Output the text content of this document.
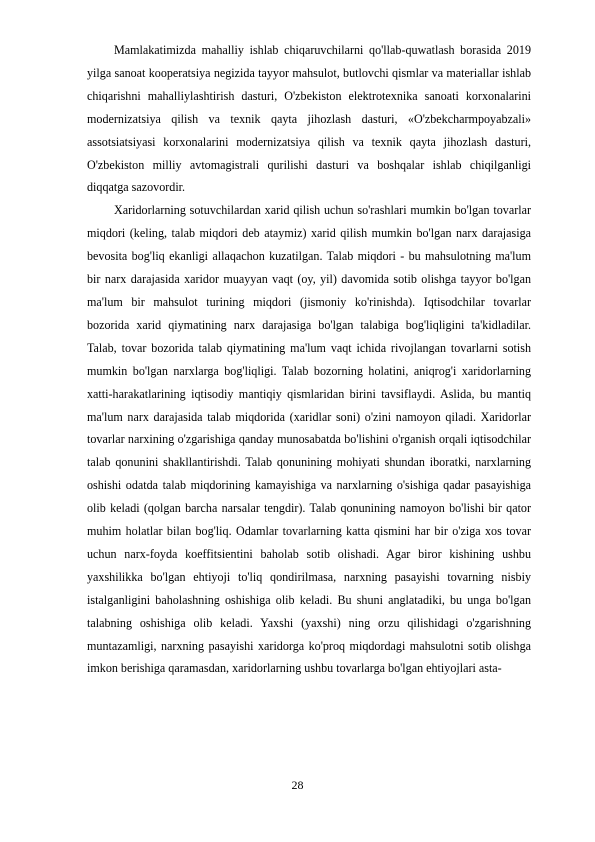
Mamlakatimizda mahalliy ishlab chiqaruvchilarni qo'llab-quwatlash borasida 2019 yilga sanoat kooperatsiya negizida tayyor mahsulot, butlovchi qismlar va materiallar ishlab chiqarishni mahalliylashtirish dasturi, O'zbekiston elektrotexnika sanoati korxonalarini modernizatsiya qilish va texnik qayta jihozlash dasturi, «O'zbekcharmpoyabzali» assotsiatsiyasi korxonalarini modernizatsiya qilish va texnik qayta jihozlash dasturi, O'zbekiston milliy avtomagistrali qurilishi dasturi va boshqalar ishlab chiqilganligi diqqatga sazovordir.

Xaridorlarning sotuvchilardan xarid qilish uchun so'rashlari mumkin bo'lgan tovarlar miqdori (keling, talab miqdori deb ataymiz) xarid qilish mumkin bo'lgan narx darajasiga bevosita bog'liq ekanligi allaqachon kuzatilgan. Talab miqdori - bu mahsulotning ma'lum bir narx darajasida xaridor muayyan vaqt (oy, yil) davomida sotib olishga tayyor bo'lgan ma'lum bir mahsulot turining miqdori (jismoniy ko'rinishda). Iqtisodchilar tovarlar bozorida xarid qiymatining narx darajasiga bo'lgan talabiga bog'liqligini ta'kidladilar. Talab, tovar bozorida talab qiymatining ma'lum vaqt ichida rivojlangan tovarlarni sotish mumkin bo'lgan narxlarga bog'liqligi. Talab bozorning holatini, aniqrog'i xaridorlarning xatti-harakatlarining iqtisodiy mantiqiy qismlaridan birini tavsiflaydi. Aslida, bu mantiq ma'lum narx darajasida talab miqdorida (xaridlar soni) o'zini namoyon qiladi. Xaridorlar tovarlar narxining o'zgarishiga qanday munosabatda bo'lishini o'rganish orqali iqtisodchilar talab qonunini shakllantirishdi. Talab qonunining mohiyati shundan iboratki, narxlarning oshishi odatda talab miqdorining kamayishiga va narxlarning o'sishiga qadar pasayishiga olib keladi (qolgan barcha narsalar tengdir). Talab qonunining namoyon bo'lishi bir qator muhim holatlar bilan bog'liq. Odamlar tovarlarning katta qismini har bir o'ziga xos tovar uchun narx-foyda koeffitsientini baholab sotib olishadi. Agar biror kishining ushbu yaxshilikka bo'lgan ehtiyoji to'liq qondirilmasa, narxning pasayishi tovarning nisbiy istalganligini baholashning oshishiga olib keladi. Bu shuni anglatadiki, bu unga bo'lgan talabning oshishiga olib keladi. Yaxshi (yaxshi) ning orzu qilishidagi o'zgarishning muntazamligi, narxning pasayishi xaridorga ko'proq miqdordagi mahsulotni sotib olishga imkon berishiga qaramasdan, xaridorlarning ushbu tovarlarga bo'lgan ehtiyojlari asta-

28
